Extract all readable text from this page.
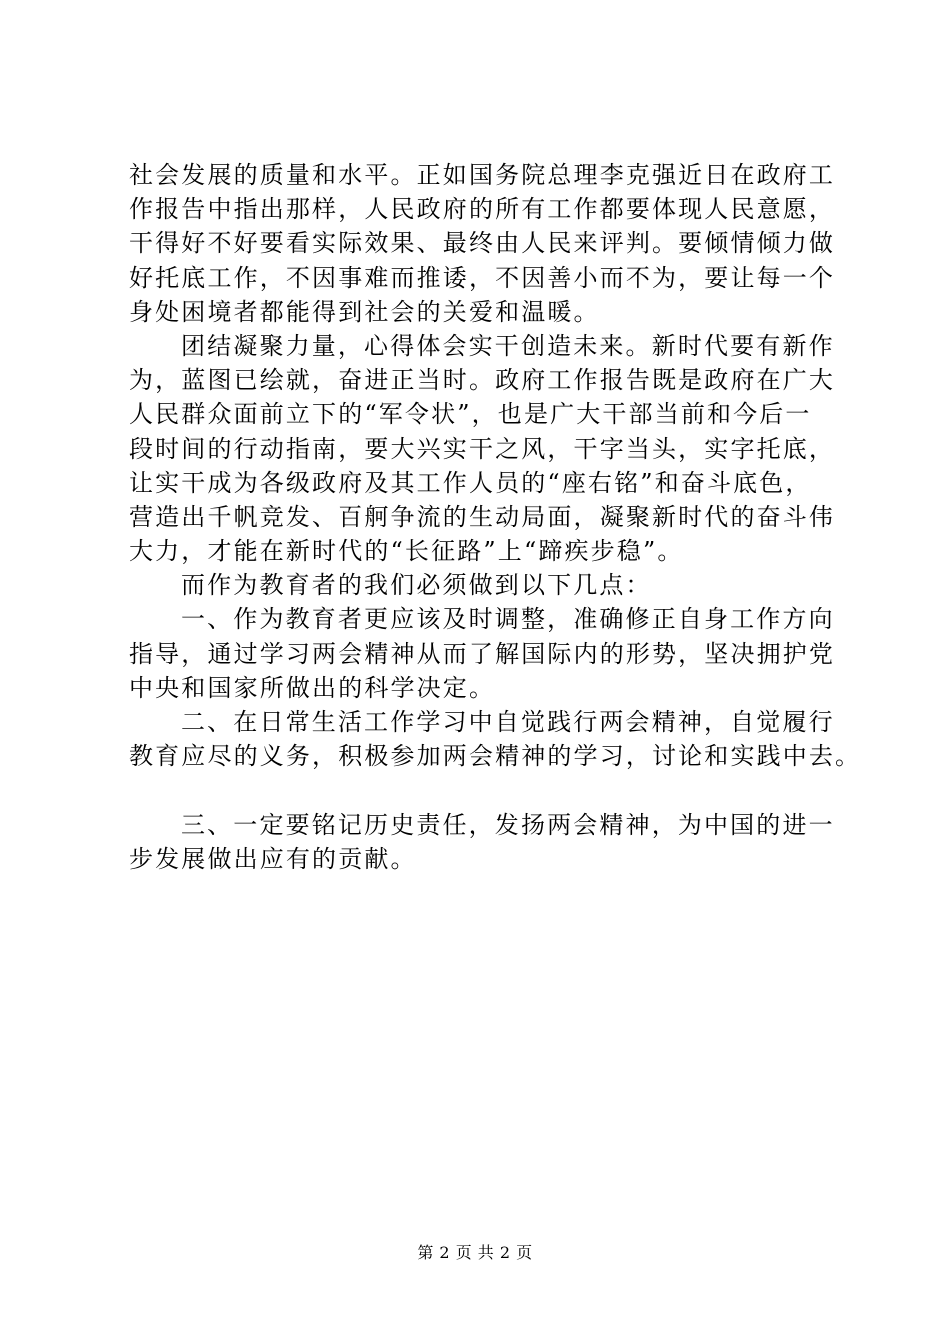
社会发展的质量和水平。正如国务院总理李克强近日在政府工
作报告中指出那样，人民政府的所有工作都要体现人民意愿，
干得好不好要看实际效果、最终由人民来评判。要倾情倾力做
好托底工作，不因事难而推诿，不因善小而不为，要让每一个
身处困境者都能得到社会的关爱和温暖。
团结凝聚力量，心得体会实干创造未来。新时代要有新作
为，蓝图已绘就，奋进正当时。政府工作报告既是政府在广大
人民群众面前立下的“军令状”，也是广大干部当前和今后一
段时间的行动指南，要大兴实干之风，干字当头，实字托底，
让实干成为各级政府及其工作人员的“座右铭”和奋斗底色，
营造出千帆竞发、百舸争流的生动局面，凝聚新时代的奋斗伟
大力，才能在新时代的“长征路”上“蹄疾步稳”。
而作为教育者的我们必须做到以下几点：
一、作为教育者更应该及时调整，准确修正自身工作方向
指导，通过学习两会精神从而了解国际内的形势，坚决拥护党
中央和国家所做出的科学决定。
二、在日常生活工作学习中自觉践行两会精神，自觉履行
教育应尽的义务，积极参加两会精神的学习，讨论和实践中去。
三、一定要铭记历史责任，发扬两会精神，为中国的进一
步发展做出应有的贡献。
第 2 页 共 2 页
